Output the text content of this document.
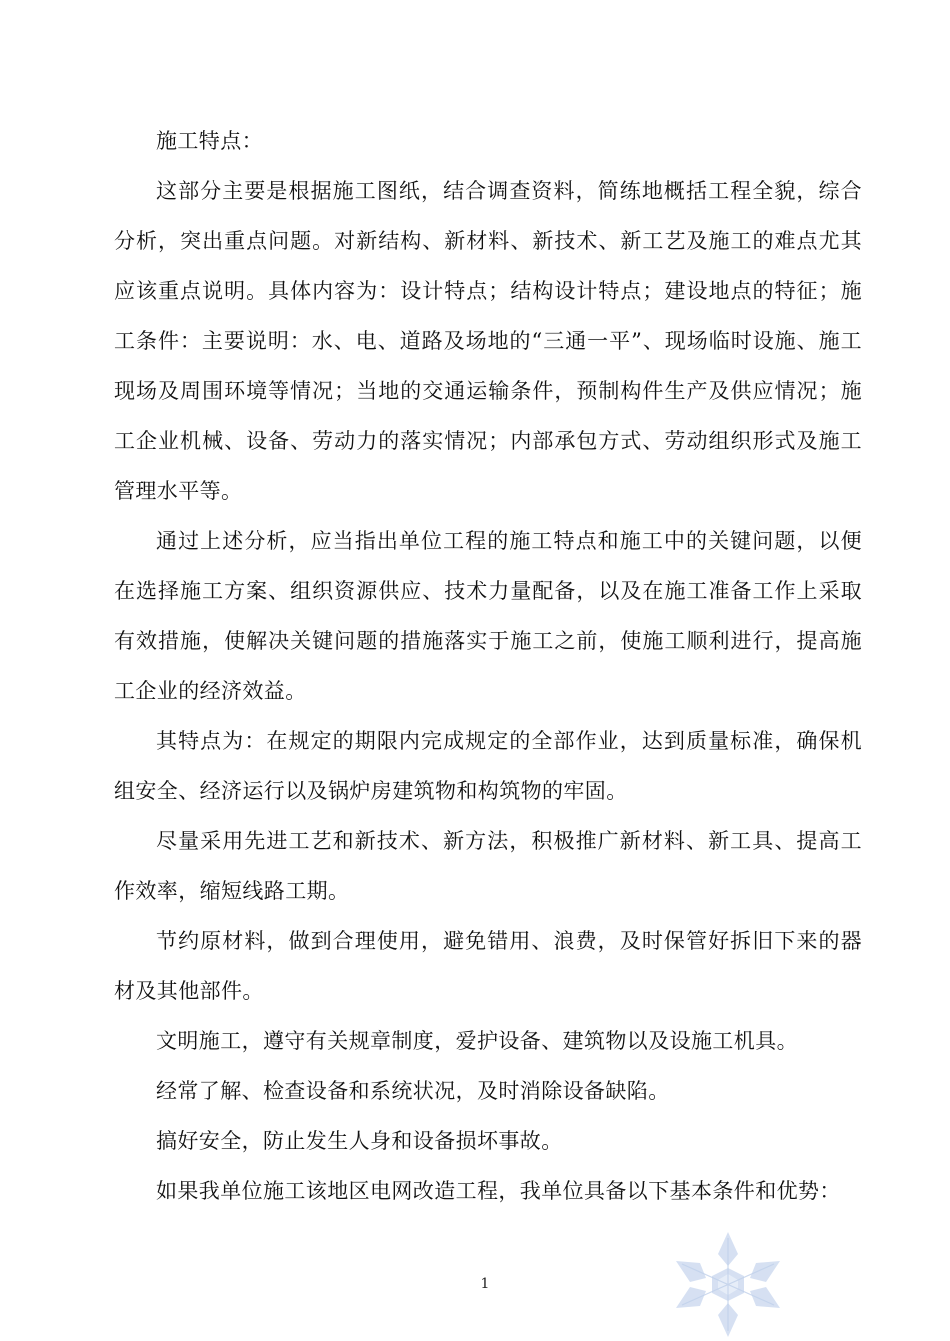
施工特点：

这部分主要是根据施工图纸，结合调查资料，简练地概括工程全貌，综合分析，突出重点问题。对新结构、新材料、新技术、新工艺及施工的难点尤其应该重点说明。具体内容为：设计特点；结构设计特点；建设地点的特征；施工条件：主要说明：水、电、道路及场地的“三通一平”、现场临时设施、施工现场及周围环境等情况；当地的交通运输条件，预制构件生产及供应情况；施工企业机械、设备、劳动力的落实情况；内部承包方式、劳动组织形式及施工管理水平等。

通过上述分析，应当指出单位工程的施工特点和施工中的关键问题，以便在选择施工方案、组织资源供应、技术力量配备，以及在施工准备工作上采取有效措施，使解决关键问题的措施落实于施工之前，使施工顺利进行，提高施工企业的经济效益。

其特点为：在规定的期限内完成规定的全部作业，达到质量标准，确保机组安全、经济运行以及锅炉房建筑物和构筑物的牢固。

尽量采用先进工艺和新技术、新方法，积极推广新材料、新工具、提高工作效率，缩短线路工期。

节约原材料，做到合理使用，避免错用、浪费，及时保管好拆旧下来的器材及其他部件。

文明施工，遵守有关规章制度，爱护设备、建筑物以及设施工机具。

经常了解、检查设备和系统状况，及时消除设备缺陷。

搞好安全，防止发生人身和设备损坏事故。

如果我单位施工该地区电网改造工程，我单位具备以下基本条件和优势：

1
